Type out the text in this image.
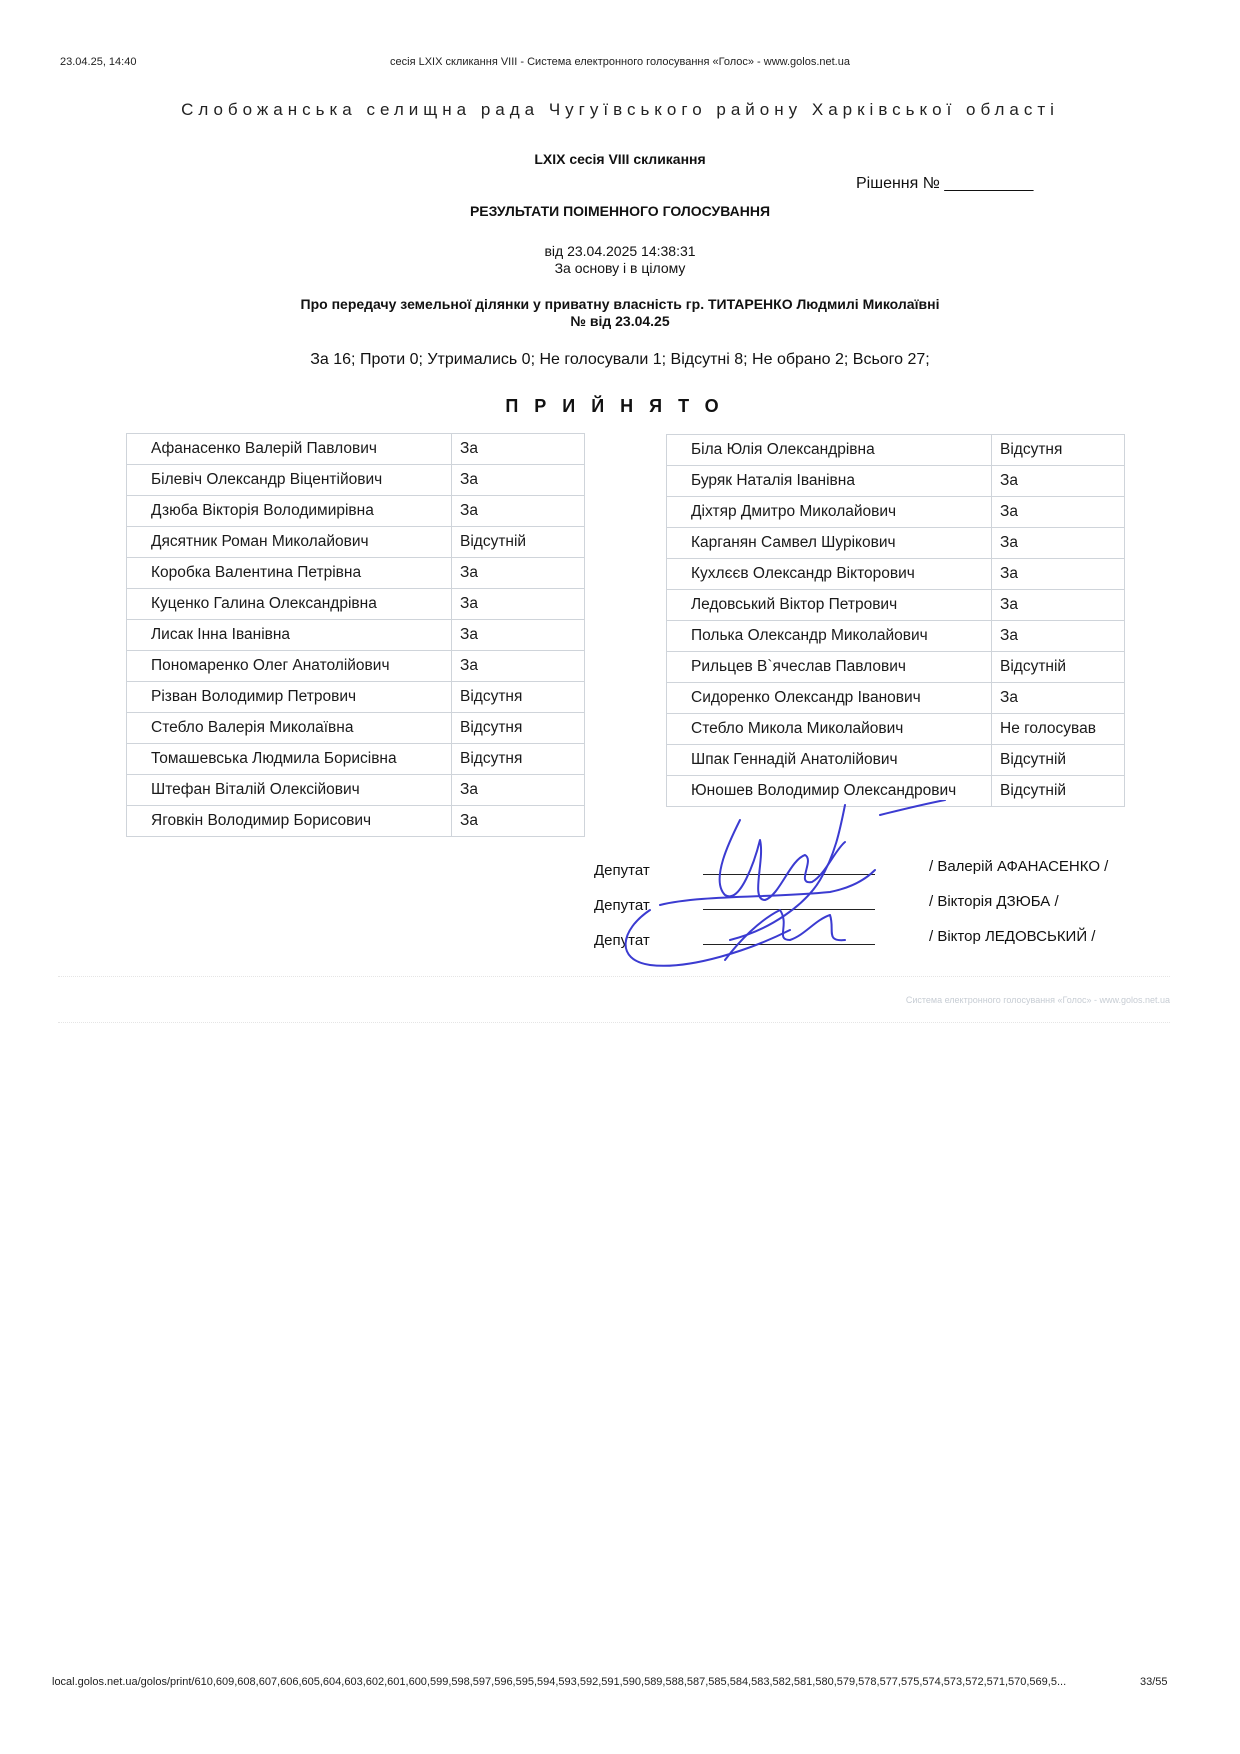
23.04.25, 14:40	сесія LXIX скликання VIII - Система електронного голосування «Голос» - www.golos.net.ua
Слобожанська селищна рада Чугуївського району Харківської області
LXIX сесія VIII скликання
Рішення № __________
РЕЗУЛЬТАТИ ПОІМЕННОГО ГОЛОСУВАННЯ
від 23.04.2025 14:38:31
За основу і в цілому
Про передачу земельної ділянки у приватну власність гр. ТИТАРЕНКО Людмилі Миколаївні
№ від 23.04.25
За 16; Проти 0; Утримались 0; Не голосували 1; Відсутні 8; Не обрано 2; Всього 27;
ПРИЙНЯТО
Афанасенко Валерій Павлович	За
Білевіч Олександр Віцентійович	За
Дзюба Вікторія Володимирівна	За
Дясятник Роман Миколайович	Відсутній
Коробка Валентина Петрівна	За
Куценко Галина Олександрівна	За
Лисак Інна Іванівна	За
Пономаренко Олег Анатолійович	За
Різван Володимир Петрович	Відсутня
Стебло Валерія Миколаївна	Відсутня
Томашевська Людмила Борисівна	Відсутня
Штефан Віталій Олексійович	За
Яговкін Володимир Борисович	За
Біла Юлія Олександрівна	Відсутня
Буряк Наталія Іванівна	За
Діхтяр Дмитро Миколайович	За
Карганян Самвел Шурікович	За
Кухлєєв Олександр Вікторович	За
Ледовський Віктор Петрович	За
Полька Олександр Миколайович	За
Рильцев В`ячеслав Павлович	Відсутній
Сидоренко Олександр Іванович	За
Стебло Микола Миколайович	Не голосував
Шпак Геннадій Анатолійович	Відсутній
Юношев Володимир Олександрович	Відсутній
Депутат	/ Валерій АФАНАСЕНКО /
Депутат	/ Вікторія ДЗЮБА /
Депутат	/ Віктор ЛЕДОВСЬКИЙ /
Система електронного голосування «Голос» - www.golos.net.ua
local.golos.net.ua/golos/print/610,609,608,607,606,605,604,603,602,601,600,599,598,597,596,595,594,593,592,591,590,589,588,587,585,584,583,582,581,580,579,578,577,575,574,573,572,571,570,569,5...	33/55
